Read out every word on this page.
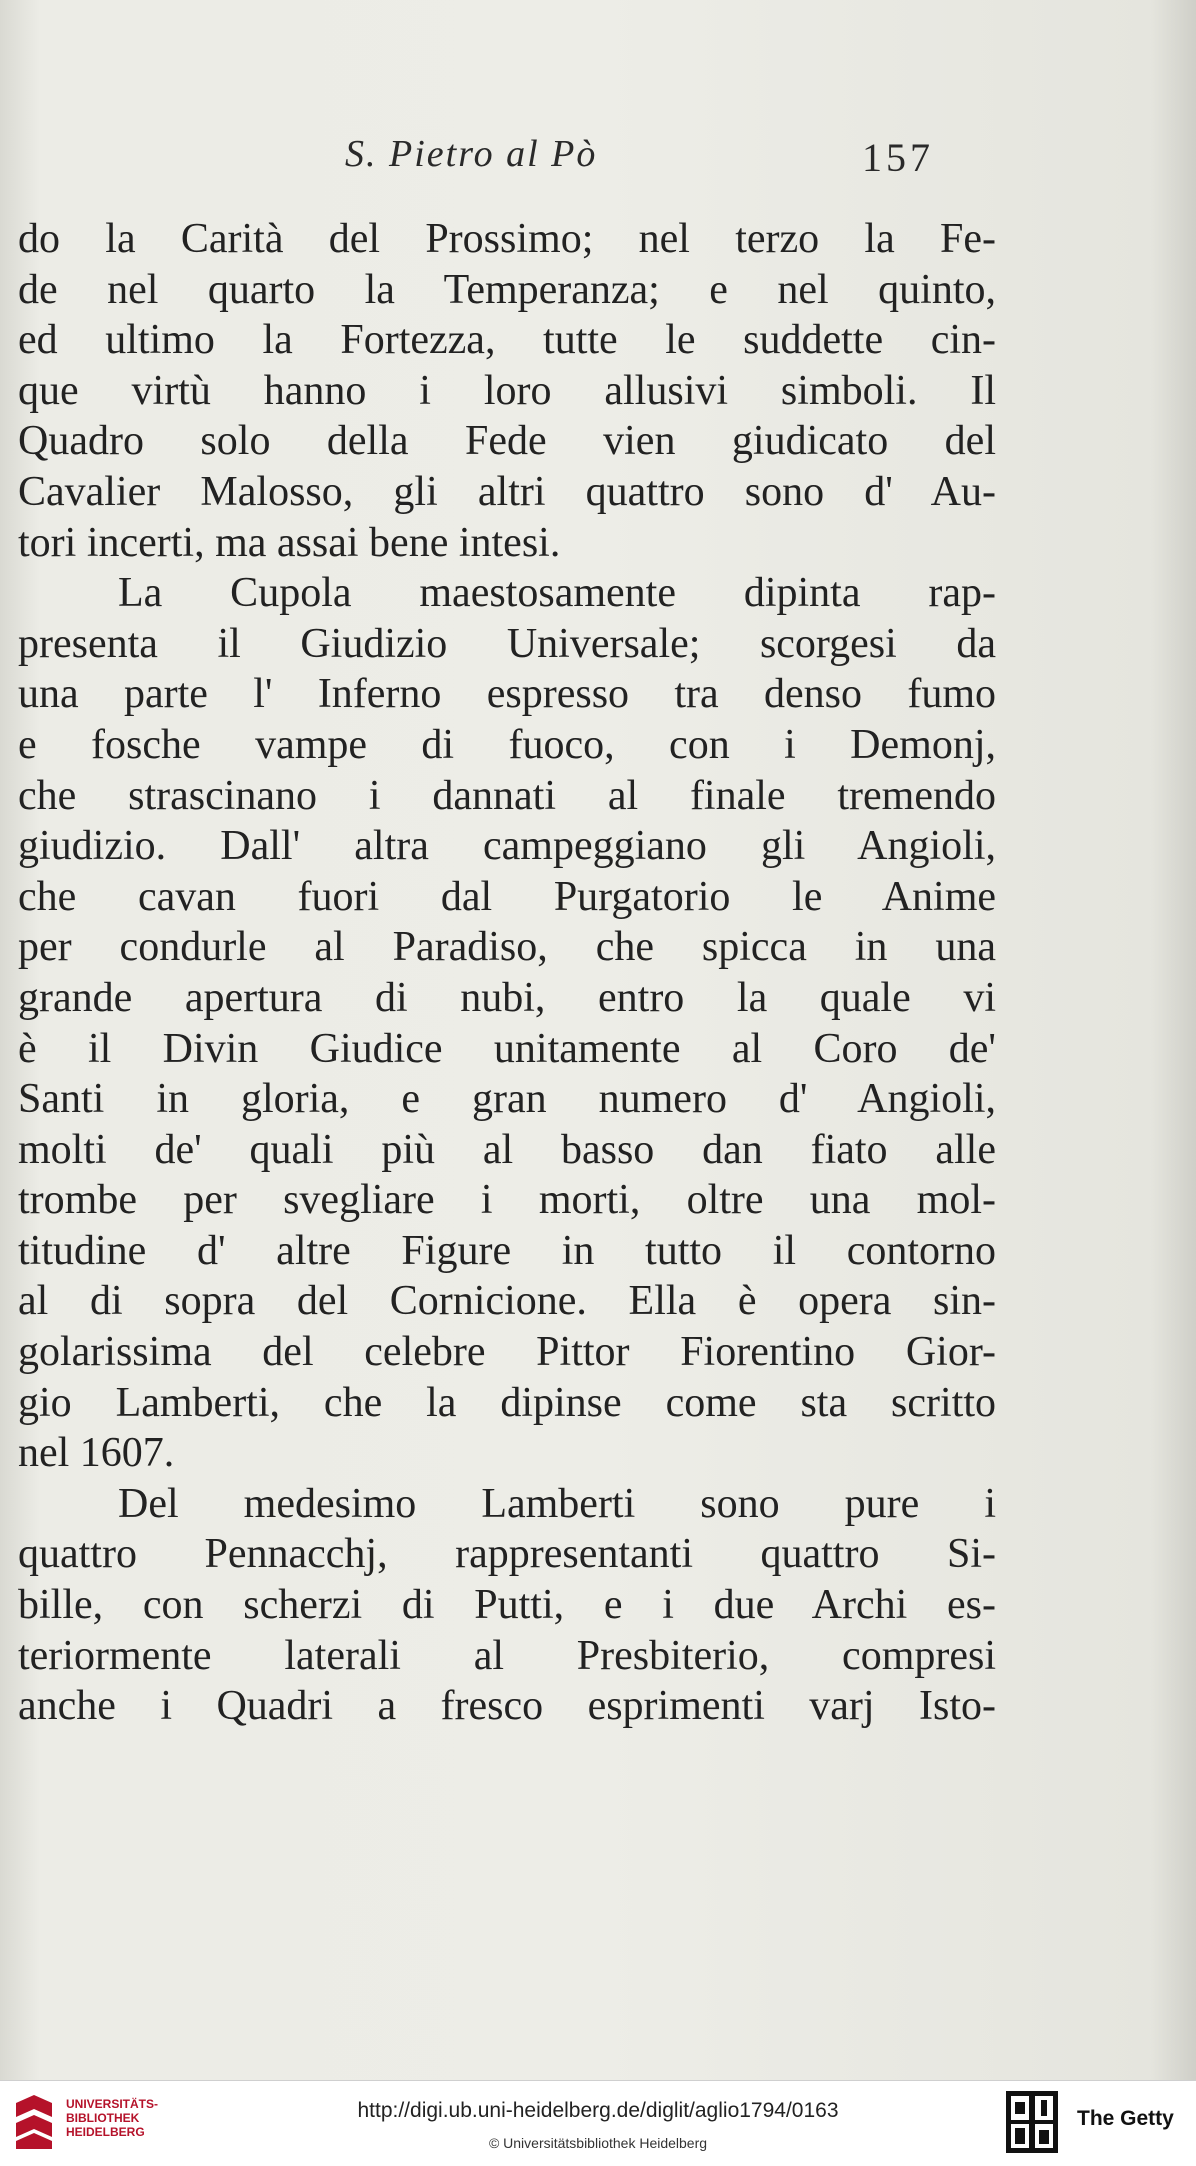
S. Pietro al Pò	157
do la Carità del Prossimo; nel terzo la Fe-
de nel quarto la Temperanza; e nel quinto,
ed ultimo la Fortezza, tutte le suddette cin-
que virtù hanno i loro allusivi simboli. Il
Quadro solo della Fede vien giudicato del
Cavalier Malosso, gli altri quattro sono d' Au-
tori incerti, ma assai bene intesi.
La Cupola maestosamente dipinta rap-
presenta il Giudizio Universale; scorgesi da
una parte l' Inferno espresso tra denso fumo
e fosche vampe di fuoco, con i Demonj,
che strascinano i dannati al finale tremendo
giudizio. Dall' altra campeggiano gli Angioli,
che cavan fuori dal Purgatorio le Anime
per condurle al Paradiso, che spicca in una
grande apertura di nubi, entro la quale vi
è il Divin Giudice unitamente al Coro de'
Santi in gloria, e gran numero d' Angioli,
molti de' quali più al basso dan fiato alle
trombe per svegliare i morti, oltre una mol-
titudine d' altre Figure in tutto il contorno
al di sopra del Cornicione. Ella è opera sin-
golarissima del celebre Pittor Fiorentino Gior-
gio Lamberti, che la dipinse come sta scritto
nel 1607.
Del medesimo Lamberti sono pure i
quattro Pennacchj, rappresentanti quattro Si-
bille, con scherzi di Putti, e i due Archi es-
teriormente laterali al Presbiterio, compresi
anche i Quadri a fresco esprimenti varj Isto-
UNIVERSITÄTS-
BIBLIOTHEK
HEIDELBERG
http://digi.ub.uni-heidelberg.de/diglit/aglio1794/0163
© Universitätsbibliothek Heidelberg
The Getty
